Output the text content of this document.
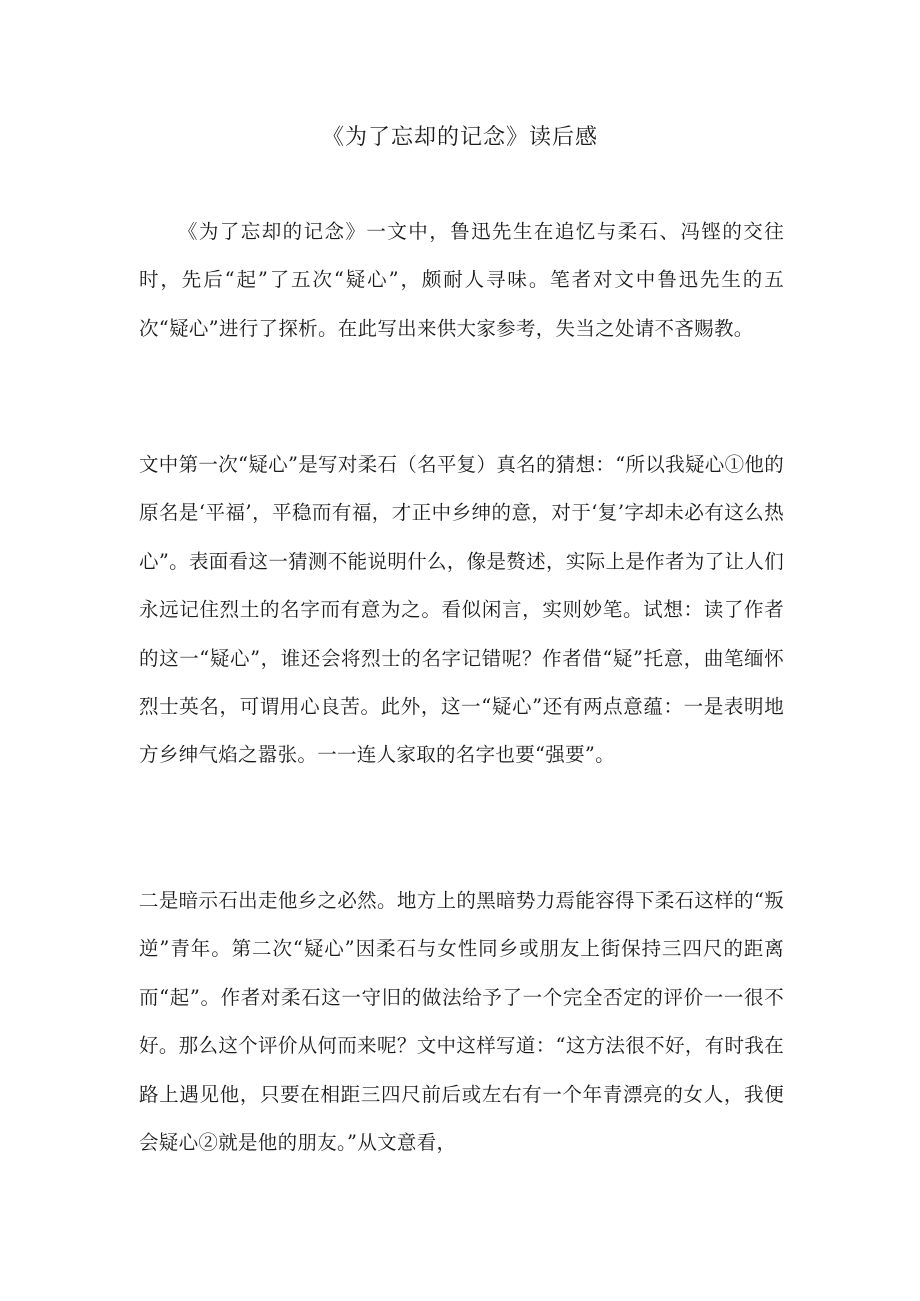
《为了忘却的记念》读后感

《为了忘却的记念》一文中，鲁迅先生在追忆与柔石、冯铿的交往时，先后“起”了五次“疑心”，颇耐人寻味。笔者对文中鲁迅先生的五次“疑心”进行了探析。在此写出来供大家参考，失当之处请不吝赐教。

文中第一次“疑心”是写对柔石（名平复）真名的猜想：“所以我疑心①他的原名是‘平福’，平稳而有福，才正中乡绅的意，对于‘复’字却未必有这么热心”。表面看这一猜测不能说明什么，像是赘述，实际上是作者为了让人们永远记住烈土的名字而有意为之。看似闲言，实则妙笔。试想：读了作者的这一“疑心”，谁还会将烈士的名字记错呢？作者借“疑”托意，曲笔缅怀烈士英名，可谓用心良苦。此外，这一“疑心”还有两点意蕴：一是表明地方乡绅气焰之嚣张。一一连人家取的名字也要“强要”。

二是暗示石出走他乡之必然。地方上的黑暗势力焉能容得下柔石这样的“叛逆”青年。第二次“疑心”因柔石与女性同乡或朋友上街保持三四尺的距离而“起”。作者对柔石这一守旧的做法给予了一个完全否定的评价一一很不好。那么这个评价从何而来呢？文中这样写道：“这方法很不好，有时我在路上遇见他，只要在相距三四尺前后或左右有一个年青漂亮的女人，我便会疑心②就是他的朋友。”从文意看，
